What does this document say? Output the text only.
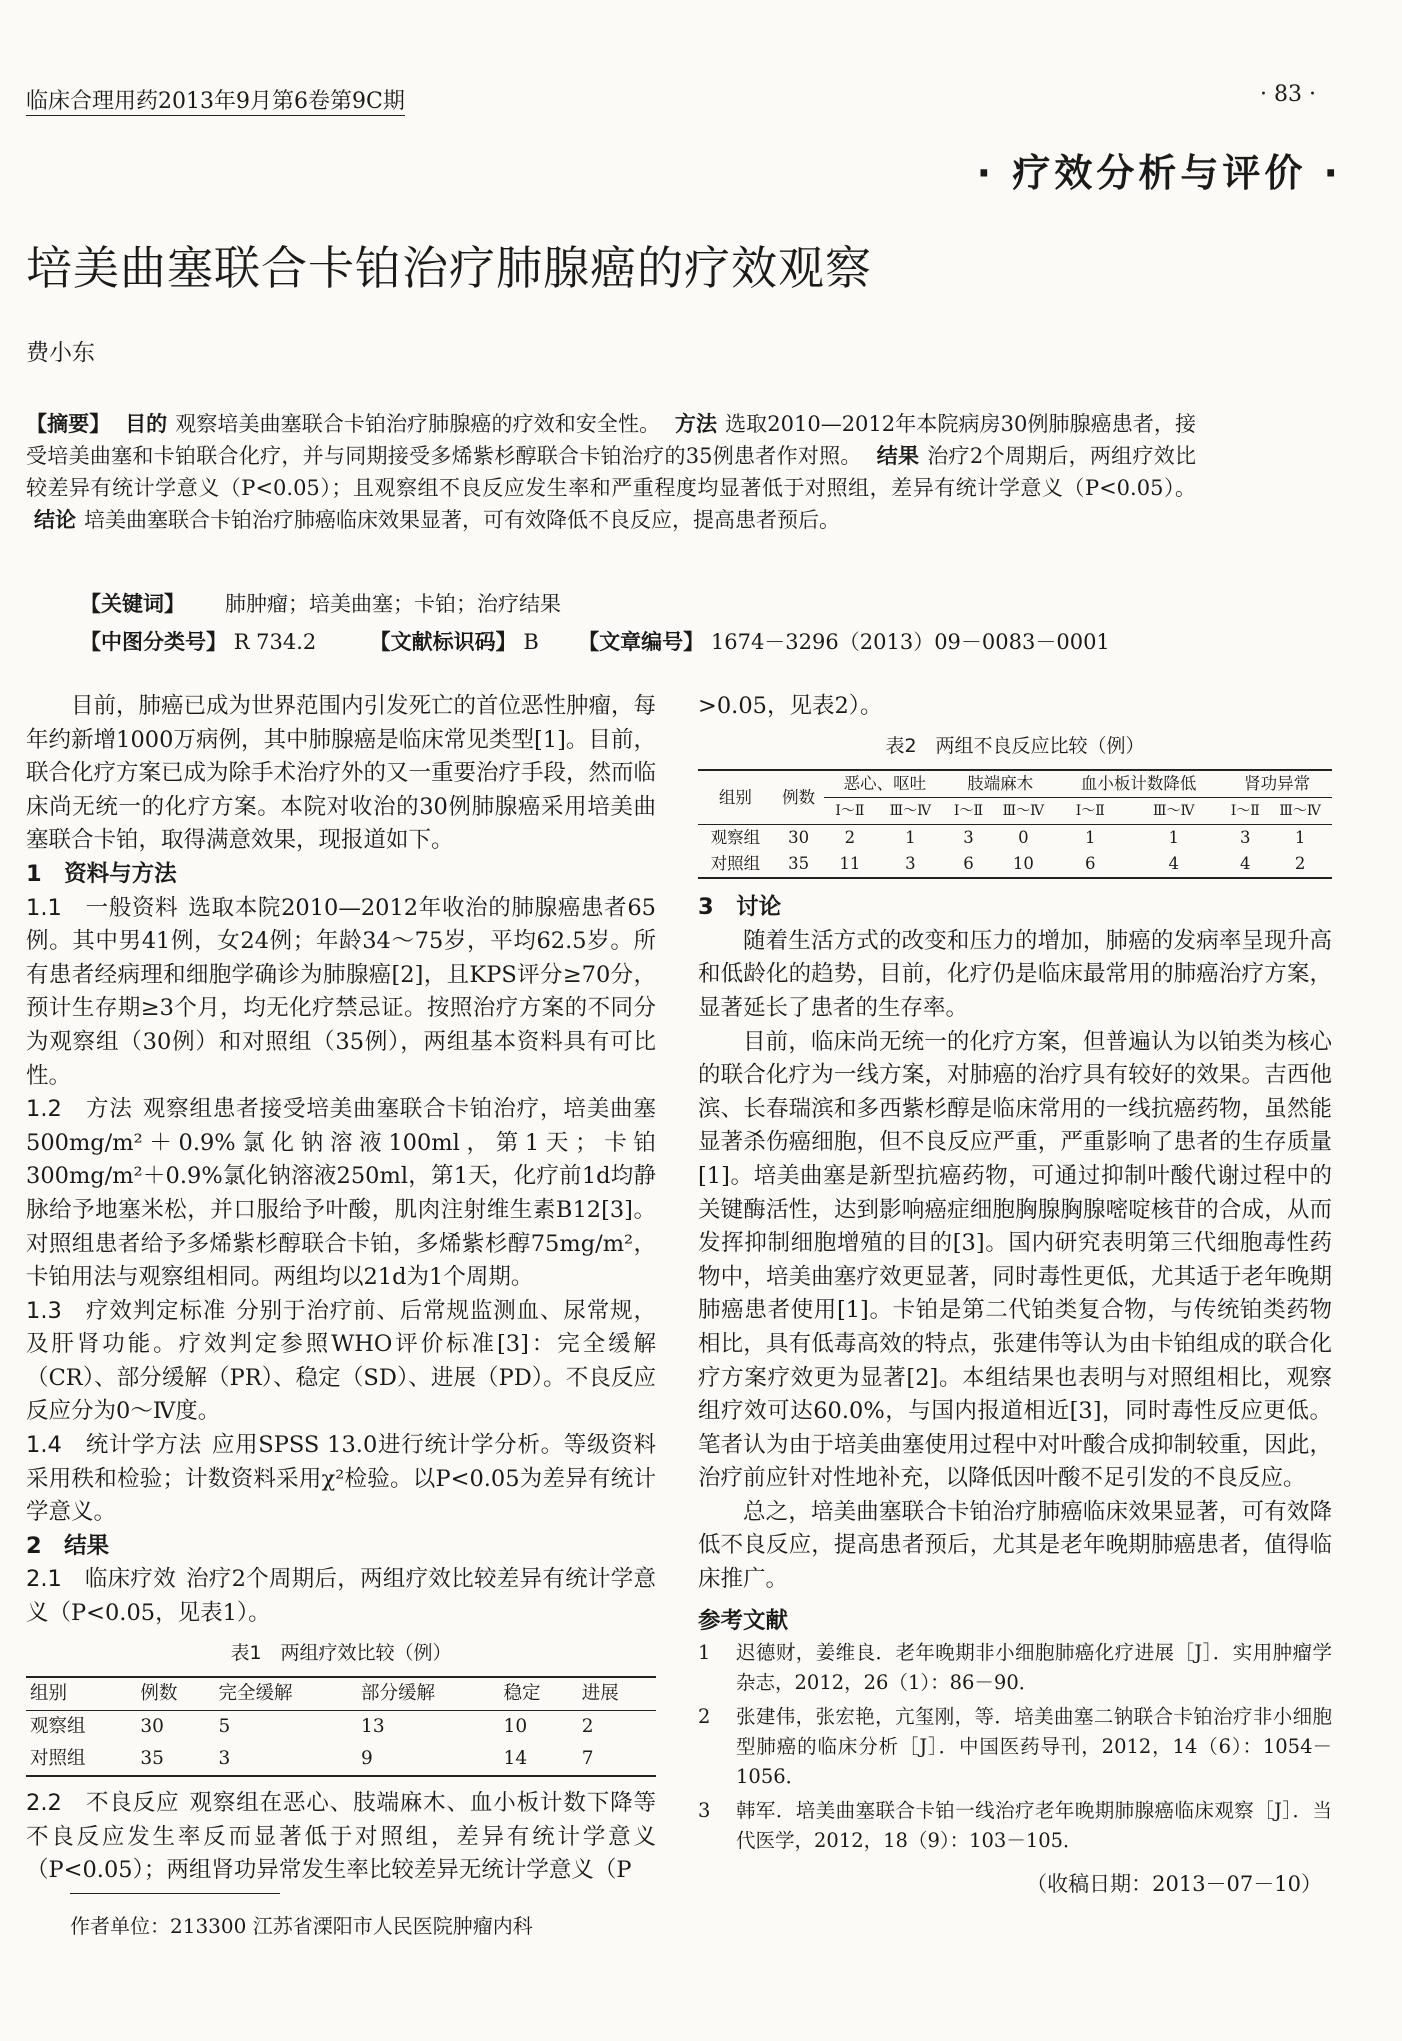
临床合理用药2013年9月第6卷第9C期	· 83 ·
· 疗效分析与评价 ·
培美曲塞联合卡铂治疗肺腺癌的疗效观察
费小东
【摘要】 目的 观察培美曲塞联合卡铂治疗肺腺癌的疗效和安全性。 方法 选取2010—2012年本院病房30例肺腺癌患者，接受培美曲塞和卡铂联合化疗，并与同期接受多烯紫杉醇联合卡铂治疗的35例患者作对照。 结果 治疗2个周期后，两组疗效比较差异有统计学意义（P<0.05）；且观察组不良反应发生率和严重程度均显著低于对照组，差异有统计学意义（P<0.05）。 结论 培美曲塞联合卡铂治疗肺癌临床效果显著，可有效降低不良反应，提高患者预后。
【关键词】 肺肿瘤；培美曲塞；卡铂；治疗结果
【中图分类号】 R 734.2	【文献标识码】 B 【文章编号】 1674－3296（2013）09－0083－0001

目前，肺癌已成为世界范围内引发死亡的首位恶性肿瘤，每年约新增1000万病例，其中肺腺癌是临床常见类型[1]。目前，联合化疗方案已成为除手术治疗外的又一重要治疗手段，然而临床尚无统一的化疗方案。本院对收治的30例肺腺癌采用培美曲塞联合卡铂，取得满意效果，现报道如下。

1　资料与方法

1.1　一般资料 选取本院2010—2012年收治的肺腺癌患者65例。其中男41例，女24例；年龄34～75岁，平均62.5岁。所有患者经病理和细胞学确诊为肺腺癌[2]，且KPS评分≥70分，预计生存期≥3个月，均无化疗禁忌证。按照治疗方案的不同分为观察组（30例）和对照组（35例），两组基本资料具有可比性。

1.2　方法 观察组患者接受培美曲塞联合卡铂治疗，培美曲塞500mg/m²＋0.9%氯化钠溶液100ml，第1天；卡铂300mg/m²＋0.9%氯化钠溶液250ml，第1天，化疗前1d均静脉给予地塞米松，并口服给予叶酸，肌肉注射维生素B12[3]。对照组患者给予多烯紫杉醇联合卡铂，多烯紫杉醇75mg/m²，卡铂用法与观察组相同。两组均以21d为1个周期。

1.3　疗效判定标准 分别于治疗前、后常规监测血、尿常规，及肝肾功能。疗效判定参照WHO评价标准[3]：完全缓解（CR）、部分缓解（PR）、稳定（SD）、进展（PD）。不良反应反应分为0～Ⅳ度。

1.4　统计学方法 应用SPSS 13.0进行统计学分析。等级资料采用秩和检验；计数资料采用χ²检验。以P<0.05为差异有统计学意义。

2　结果

2.1　临床疗效 治疗2个周期后，两组疗效比较差异有统计学意义（P<0.05，见表1）。

表1　两组疗效比较（例）
组别	例数	完全缓解	部分缓解	稳定	进展
观察组	30	5	13	10	2
对照组	35	3	9	14	7

2.2　不良反应 观察组在恶心、肢端麻木、血小板计数下降等不良反应发生率反而显著低于对照组，差异有统计学意义（P<0.05）；两组肾功异常发生率比较差异无统计学意义（P

作者单位：213300 江苏省溧阳市人民医院肿瘤内科

>0.05，见表2）。

表2　两组不良反应比较（例）
组别	例数	恶心、呕吐		肢端麻木		血小板计数降低		肾功异常	
		Ⅰ～Ⅱ	Ⅲ～Ⅳ	Ⅰ～Ⅱ	Ⅲ～Ⅳ	Ⅰ～Ⅱ	Ⅲ～Ⅳ	Ⅰ～Ⅱ	Ⅲ～Ⅳ
观察组	30	2	1	3	0	1	1	3	1
对照组	35	11	3	6	10	6	4	4	2

3　讨论

随着生活方式的改变和压力的增加，肺癌的发病率呈现升高和低龄化的趋势，目前，化疗仍是临床最常用的肺癌治疗方案，显著延长了患者的生存率。

目前，临床尚无统一的化疗方案，但普遍认为以铂类为核心的联合化疗为一线方案，对肺癌的治疗具有较好的效果。吉西他滨、长春瑞滨和多西紫杉醇是临床常用的一线抗癌药物，虽然能显著杀伤癌细胞，但不良反应严重，严重影响了患者的生存质量[1]。培美曲塞是新型抗癌药物，可通过抑制叶酸代谢过程中的关键酶活性，达到影响癌症细胞胸腺胸腺嘧啶核苷的合成，从而发挥抑制细胞增殖的目的[3]。国内研究表明第三代细胞毒性药物中，培美曲塞疗效更显著，同时毒性更低，尤其适于老年晚期肺癌患者使用[1]。卡铂是第二代铂类复合物，与传统铂类药物相比，具有低毒高效的特点，张建伟等认为由卡铂组成的联合化疗方案疗效更为显著[2]。本组结果也表明与对照组相比，观察组疗效可达60.0%，与国内报道相近[3]，同时毒性反应更低。笔者认为由于培美曲塞使用过程中对叶酸合成抑制较重，因此，治疗前应针对性地补充，以降低因叶酸不足引发的不良反应。

总之，培美曲塞联合卡铂治疗肺癌临床效果显著，可有效降低不良反应，提高患者预后，尤其是老年晚期肺癌患者，值得临床推广。

参考文献
1	迟德财，姜维良．老年晚期非小细胞肺癌化疗进展［J］．实用肿瘤学杂志，2012，26（1）：86－90．
2	张建伟，张宏艳，亢玺刚，等．培美曲塞二钠联合卡铂治疗非小细胞型肺癌的临床分析［J］．中国医药导刊，2012，14（6）：1054－1056．
3	韩军．培美曲塞联合卡铂一线治疗老年晚期肺腺癌临床观察［J］．当代医学，2012，18（9）：103－105．
（收稿日期：2013－07－10）
